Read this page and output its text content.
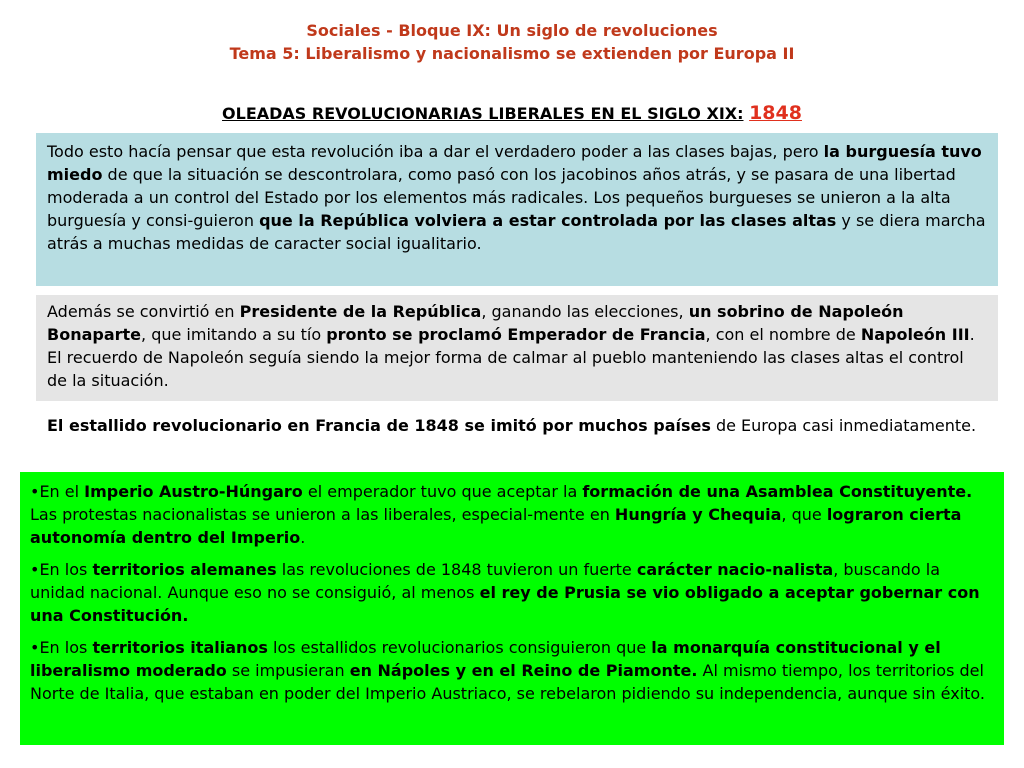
Sociales - Bloque IX: Un siglo de revoluciones
Tema 5: Liberalismo y nacionalismo se extienden por Europa II
OLEADAS REVOLUCIONARIAS LIBERALES EN EL SIGLO XIX: 1848

Todo esto hacía pensar que esta revolución iba a dar el verdadero poder a las clases bajas, pero la burguesía tuvo miedo de que la situación se descontrolara, como pasó con los jacobinos años atrás, y se pasara de una libertad moderada a un control del Estado por los elementos más radicales. Los pequeños burgueses se unieron a la alta burguesía y consi-guieron que la República volviera a estar controlada por las clases altas y se diera marcha atrás a muchas medidas de caracter social igualitario.

Además se convirtió en Presidente de la República, ganando las elecciones, un sobrino de Napoleón Bonaparte, que imitando a su tío pronto se proclamó Emperador de Francia, con el nombre de Napoleón III. El recuerdo de Napoleón seguía siendo la mejor forma de calmar al pueblo manteniendo las clases altas el control de la situación.

El estallido revolucionario en Francia de 1848 se imitó por muchos países de Europa casi inmediatamente.

•En el Imperio Austro-Húngaro el emperador tuvo que aceptar la formación de una Asamblea Constituyente. Las protestas nacionalistas se unieron a las liberales, especial-mente en Hungría y Chequia, que lograron cierta autonomía dentro del Imperio.

•En los territorios alemanes las revoluciones de 1848 tuvieron un fuerte carácter nacio-nalista, buscando la unidad nacional. Aunque eso no se consiguió, al menos el rey de Prusia se vio obligado a aceptar gobernar con una Constitución.

•En los territorios italianos los estallidos revolucionarios consiguieron que la monarquía constitucional y el liberalismo moderado se impusieran en Nápoles y en el Reino de Piamonte. Al mismo tiempo, los territorios del Norte de Italia, que estaban en poder del Imperio Austriaco, se rebelaron pidiendo su independencia, aunque sin éxito.
